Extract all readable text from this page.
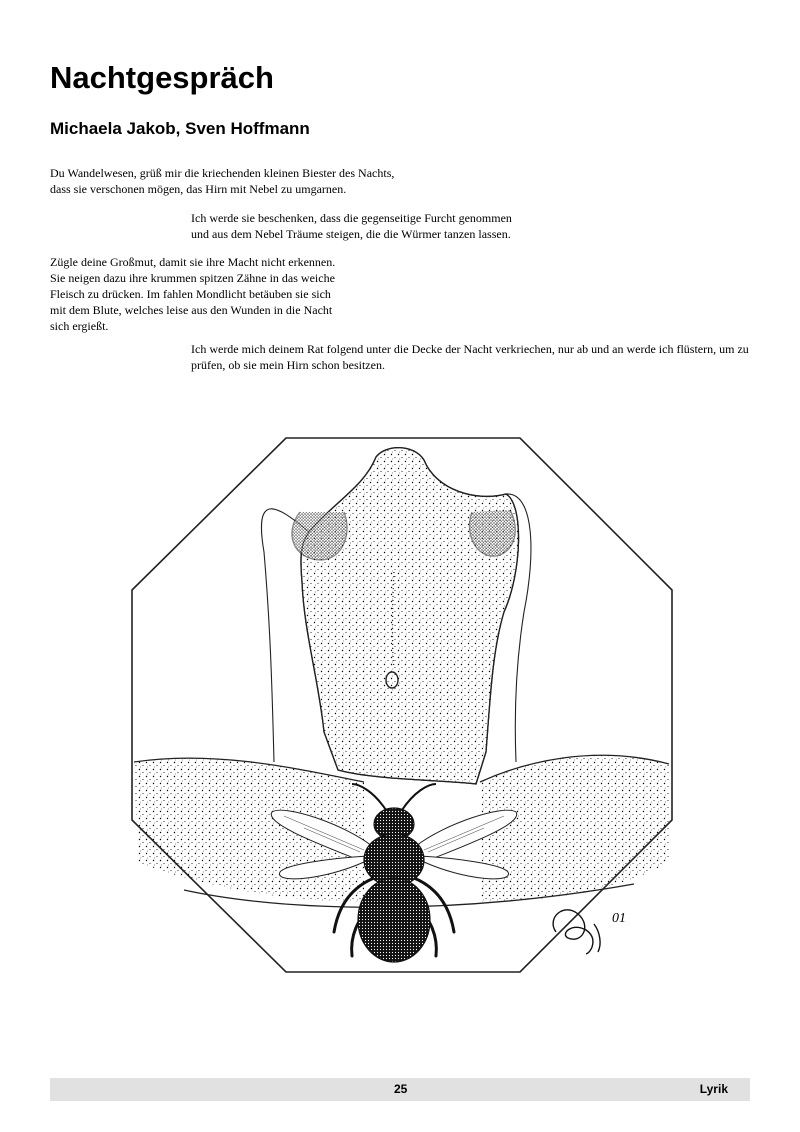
Nachtgespräch
Michaela Jakob, Sven Hoffmann

Du Wandelwesen, grüß mir die kriechenden kleinen Biester des Nachts,
dass sie verschonen mögen, das Hirn mit Nebel zu umgarnen.

Ich werde sie beschenken, dass die gegenseitige Furcht genommen
und aus dem Nebel Träume steigen, die die Würmer tanzen lassen.

Zügle deine Großmut, damit sie ihre Macht nicht erkennen.
Sie neigen dazu ihre krummen spitzen Zähne in das weiche
Fleisch zu drücken. Im fahlen Mondlicht betäuben sie sich
mit dem Blute, welches leise aus den Wunden in die Nacht
sich ergießt.

Ich werde mich deinem Rat folgend unter die Decke der Nacht verkriechen, nur ab und an werde ich flüstern, um zu
prüfen, ob sie mein Hirn schon besitzen.

01
25	Lyrik
